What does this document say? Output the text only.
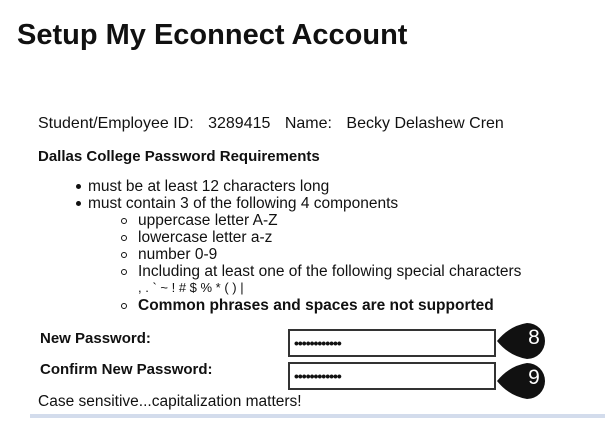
Setup My Econnect Account
Student/Employee ID: 3289415 Name: Becky Delashew Cren
Dallas College Password Requirements
must be at least 12 characters long
must contain 3 of the following 4 components
uppercase letter A-Z
lowercase letter a-z
number 0-9
Including at least one of the following special characters
, . ` ~ ! # $ % * ( ) |
Common phrases and spaces are not supported
New Password:	••••••••••••	8
Confirm New Password:	••••••••••••	9
Case sensitive...capitalization matters!
